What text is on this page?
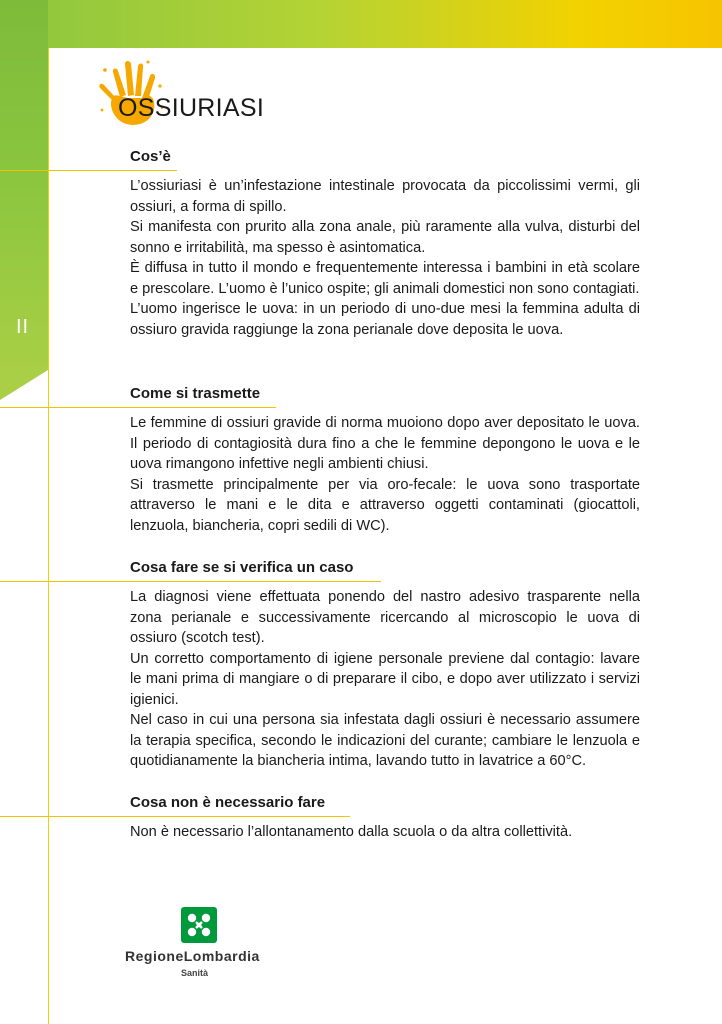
II
OSSIURIASI
Cos’è

L’ossiuriasi è un’infestazione intestinale provocata da piccolissimi vermi, gli ossiuri, a forma di spillo.

Si manifesta con prurito alla zona anale, più raramente alla vulva, disturbi del sonno e irritabilità, ma spesso è asintomatica.

È diffusa in tutto il mondo e frequentemente interessa i bambini in età scolare e prescolare. L’uomo è l’unico ospite; gli animali domestici non sono contagiati.

L’uomo ingerisce le uova: in un periodo di uno-due mesi la femmina adulta di ossiuro gravida raggiunge la zona perianale dove deposita le uova.

Come si trasmette

Le femmine di ossiuri gravide di norma muoiono dopo aver depositato le uova. Il periodo di contagiosità dura fino a che le femmine depongono le uova e le uova rimangono infettive negli ambienti chiusi.

Si trasmette principalmente per via oro-fecale: le uova sono trasportate attraverso le mani e le dita e attraverso oggetti contaminati (giocattoli, lenzuola, biancheria, copri sedili di WC).

Cosa fare se si verifica un caso

La diagnosi viene effettuata ponendo del nastro adesivo trasparente nella zona perianale e successivamente ricercando al microscopio le uova di ossiuro (scotch test).

Un corretto comportamento di igiene personale previene dal contagio: lavare le mani prima di mangiare o di preparare il cibo, e dopo aver utilizzato i servizi igienici.

Nel caso in cui una persona sia infestata dagli ossiuri è necessario assumere la terapia specifica, secondo le indicazioni del curante; cambiare le lenzuola e quotidianamente la biancheria intima, lavando tutto in lavatrice a 60°C.

Cosa non è necessario fare

Non è necessario l’allontanamento dalla scuola o da altra collettività.

RegioneLombardia
Sanità
